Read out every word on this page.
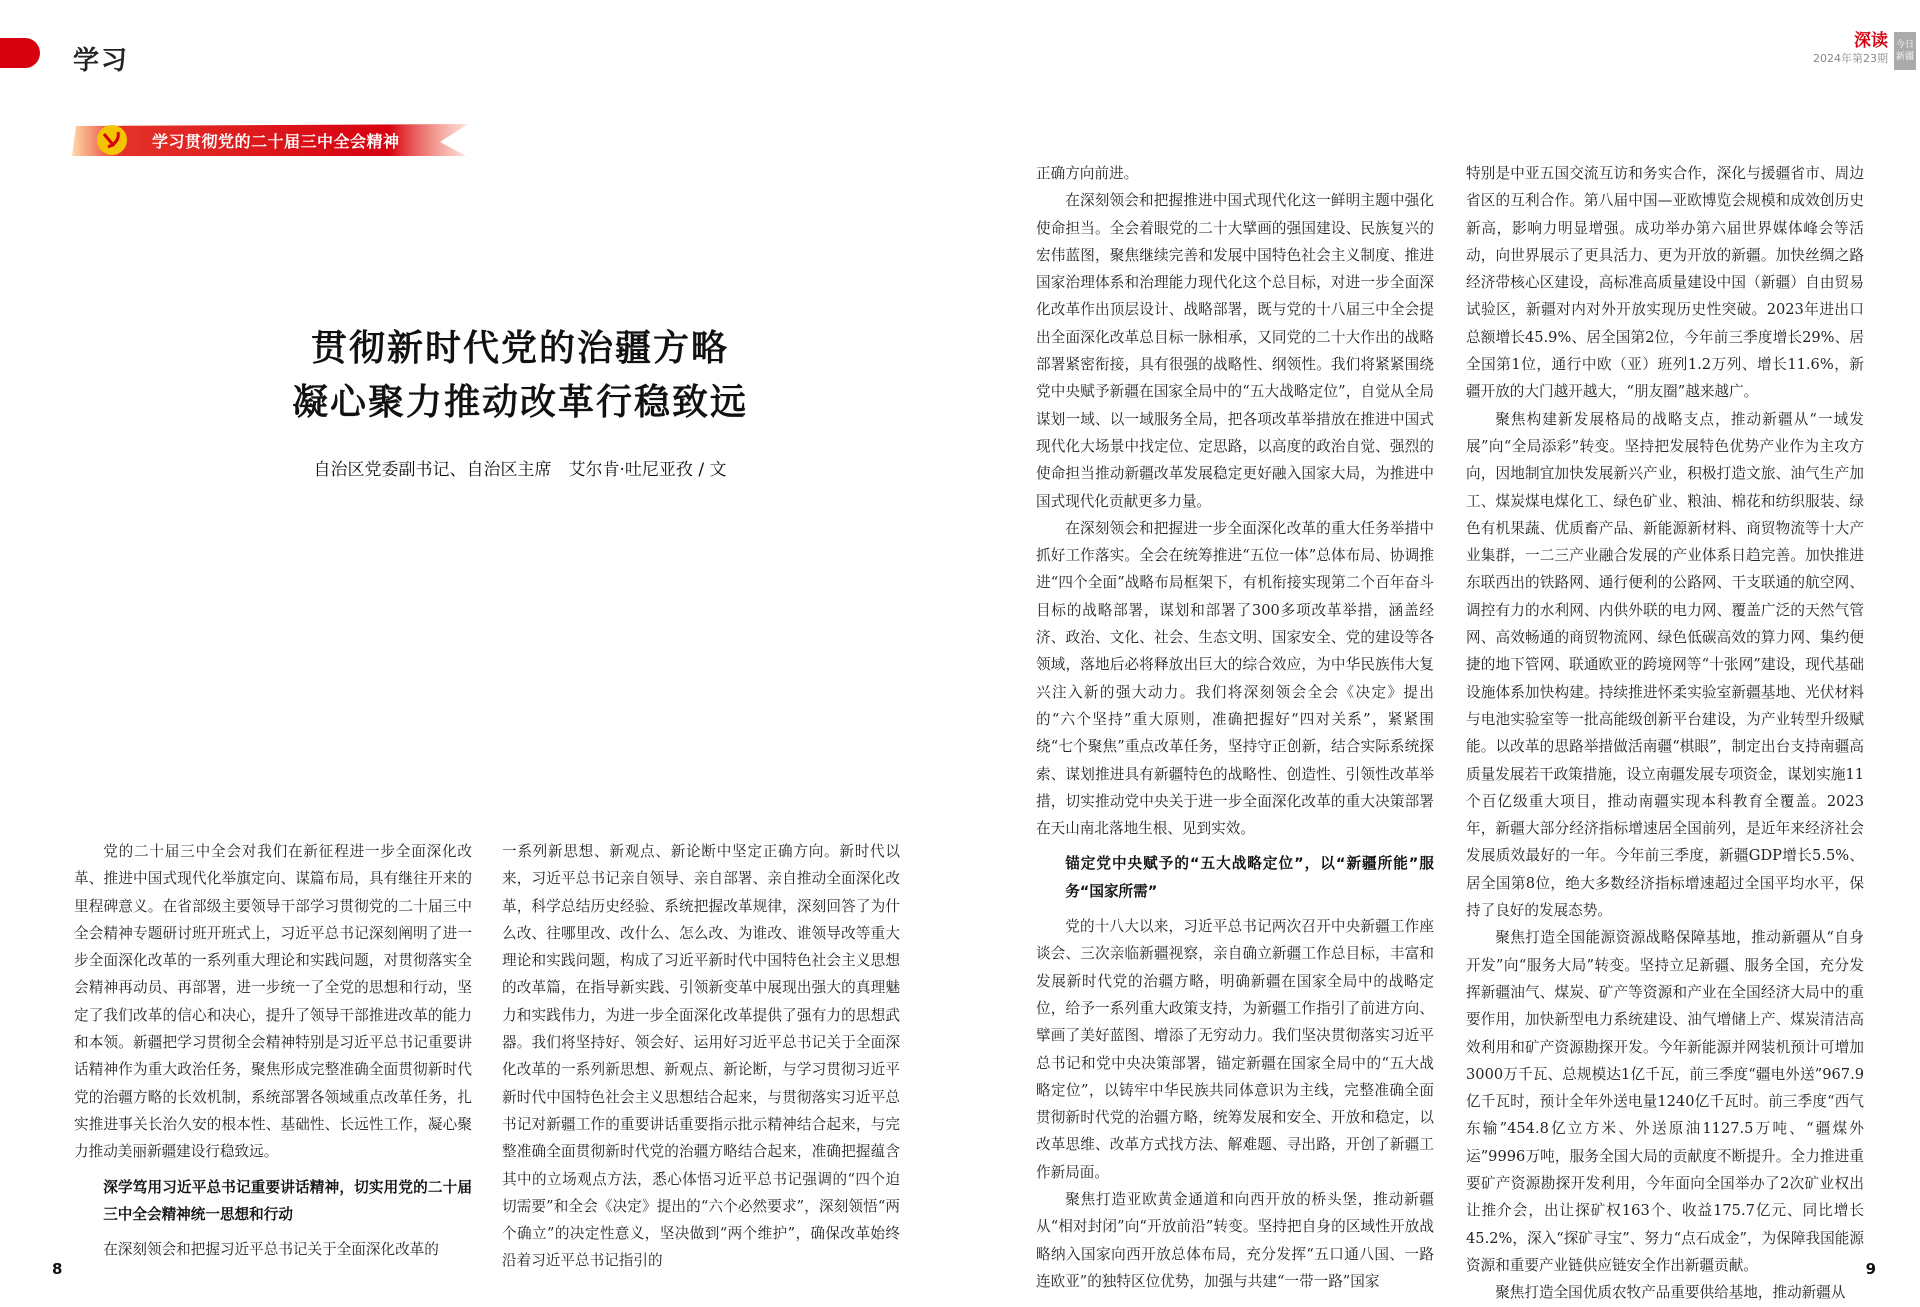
学习
深读
2024年第23期
今日
新疆
学习贯彻党的二十届三中全会精神
贯彻新时代党的治疆方略
凝心聚力推动改革行稳致远
自治区党委副书记、自治区主席　艾尔肯·吐尼亚孜 / 文

党的二十届三中全会对我们在新征程进一步全面深化改革、推进中国式现代化举旗定向、谋篇布局，具有继往开来的里程碑意义。在省部级主要领导干部学习贯彻党的二十届三中全会精神专题研讨班开班式上，习近平总书记深刻阐明了进一步全面深化改革的一系列重大理论和实践问题，对贯彻落实全会精神再动员、再部署，进一步统一了全党的思想和行动，坚定了我们改革的信心和决心，提升了领导干部推进改革的能力和本领。新疆把学习贯彻全会精神特别是习近平总书记重要讲话精神作为重大政治任务，聚焦形成完整准确全面贯彻新时代党的治疆方略的长效机制，系统部署各领域重点改革任务，扎实推进事关长治久安的根本性、基础性、长远性工作，凝心聚力推动美丽新疆建设行稳致远。

深学笃用习近平总书记重要讲话精神，切实用党的二十届三中全会精神统一思想和行动

在深刻领会和把握习近平总书记关于全面深化改革的

一系列新思想、新观点、新论断中坚定正确方向。新时代以来，习近平总书记亲自领导、亲自部署、亲自推动全面深化改革，科学总结历史经验、系统把握改革规律，深刻回答了为什么改、往哪里改、改什么、怎么改、为谁改、谁领导改等重大理论和实践问题，构成了习近平新时代中国特色社会主义思想的改革篇，在指导新实践、引领新变革中展现出强大的真理魅力和实践伟力，为进一步全面深化改革提供了强有力的思想武器。我们将坚持好、领会好、运用好习近平总书记关于全面深化改革的一系列新思想、新观点、新论断，与学习贯彻习近平新时代中国特色社会主义思想结合起来，与贯彻落实习近平总书记对新疆工作的重要讲话重要指示批示精神结合起来，与完整准确全面贯彻新时代党的治疆方略结合起来，准确把握蕴含其中的立场观点方法，悉心体悟习近平总书记强调的“四个迫切需要”和全会《决定》提出的“六个必然要求”，深刻领悟“两个确立”的决定性意义，坚决做到“两个维护”，确保改革始终沿着习近平总书记指引的

正确方向前进。

在深刻领会和把握推进中国式现代化这一鲜明主题中强化使命担当。全会着眼党的二十大擘画的强国建设、民族复兴的宏伟蓝图，聚焦继续完善和发展中国特色社会主义制度、推进国家治理体系和治理能力现代化这个总目标，对进一步全面深化改革作出顶层设计、战略部署，既与党的十八届三中全会提出全面深化改革总目标一脉相承，又同党的二十大作出的战略部署紧密衔接，具有很强的战略性、纲领性。我们将紧紧围绕党中央赋予新疆在国家全局中的“五大战略定位”，自觉从全局谋划一域、以一域服务全局，把各项改革举措放在推进中国式现代化大场景中找定位、定思路，以高度的政治自觉、强烈的使命担当推动新疆改革发展稳定更好融入国家大局，为推进中国式现代化贡献更多力量。

在深刻领会和把握进一步全面深化改革的重大任务举措中抓好工作落实。全会在统筹推进“五位一体”总体布局、协调推进“四个全面”战略布局框架下，有机衔接实现第二个百年奋斗目标的战略部署，谋划和部署了300多项改革举措，涵盖经济、政治、文化、社会、生态文明、国家安全、党的建设等各领域，落地后必将释放出巨大的综合效应，为中华民族伟大复兴注入新的强大动力。我们将深刻领会全会《决定》提出的“六个坚持”重大原则，准确把握好“四对关系”，紧紧围绕“七个聚焦”重点改革任务，坚持守正创新，结合实际系统探索、谋划推进具有新疆特色的战略性、创造性、引领性改革举措，切实推动党中央关于进一步全面深化改革的重大决策部署在天山南北落地生根、见到实效。

锚定党中央赋予的“五大战略定位”，以“新疆所能”服务“国家所需”

党的十八大以来，习近平总书记两次召开中央新疆工作座谈会、三次亲临新疆视察，亲自确立新疆工作总目标，丰富和发展新时代党的治疆方略，明确新疆在国家全局中的战略定位，给予一系列重大政策支持，为新疆工作指引了前进方向、擘画了美好蓝图、增添了无穷动力。我们坚决贯彻落实习近平总书记和党中央决策部署，锚定新疆在国家全局中的“五大战略定位”，以铸牢中华民族共同体意识为主线，完整准确全面贯彻新时代党的治疆方略，统筹发展和安全、开放和稳定，以改革思维、改革方式找方法、解难题、寻出路，开创了新疆工作新局面。

聚焦打造亚欧黄金通道和向西开放的桥头堡，推动新疆从“相对封闭”向“开放前沿”转变。坚持把自身的区域性开放战略纳入国家向西开放总体布局，充分发挥“五口通八国、一路连欧亚”的独特区位优势，加强与共建“一带一路”国家

特别是中亚五国交流互访和务实合作，深化与援疆省市、周边省区的互利合作。第八届中国—亚欧博览会规模和成效创历史新高，影响力明显增强。成功举办第六届世界媒体峰会等活动，向世界展示了更具活力、更为开放的新疆。加快丝绸之路经济带核心区建设，高标准高质量建设中国（新疆）自由贸易试验区，新疆对内对外开放实现历史性突破。2023年进出口总额增长45.9%、居全国第2位，今年前三季度增长29%、居全国第1位，通行中欧（亚）班列1.2万列、增长11.6%，新疆开放的大门越开越大，“朋友圈”越来越广。

聚焦构建新发展格局的战略支点，推动新疆从“一域发展”向“全局添彩”转变。坚持把发展特色优势产业作为主攻方向，因地制宜加快发展新兴产业，积极打造文旅、油气生产加工、煤炭煤电煤化工、绿色矿业、粮油、棉花和纺织服装、绿色有机果蔬、优质畜产品、新能源新材料、商贸物流等十大产业集群，一二三产业融合发展的产业体系日趋完善。加快推进东联西出的铁路网、通行便利的公路网、干支联通的航空网、调控有力的水利网、内供外联的电力网、覆盖广泛的天然气管网、高效畅通的商贸物流网、绿色低碳高效的算力网、集约便捷的地下管网、联通欧亚的跨境网等“十张网”建设，现代基础设施体系加快构建。持续推进怀柔实验室新疆基地、光伏材料与电池实验室等一批高能级创新平台建设，为产业转型升级赋能。以改革的思路举措做活南疆“棋眼”，制定出台支持南疆高质量发展若干政策措施，设立南疆发展专项资金，谋划实施11个百亿级重大项目，推动南疆实现本科教育全覆盖。2023年，新疆大部分经济指标增速居全国前列，是近年来经济社会发展质效最好的一年。今年前三季度，新疆GDP增长5.5%、居全国第8位，绝大多数经济指标增速超过全国平均水平，保持了良好的发展态势。

聚焦打造全国能源资源战略保障基地，推动新疆从“自身开发”向“服务大局”转变。坚持立足新疆、服务全国，充分发挥新疆油气、煤炭、矿产等资源和产业在全国经济大局中的重要作用，加快新型电力系统建设、油气增储上产、煤炭清洁高效利用和矿产资源勘探开发。今年新能源并网装机预计可增加3000万千瓦、总规模达1亿千瓦，前三季度“疆电外送”967.9亿千瓦时，预计全年外送电量1240亿千瓦时。前三季度“西气东输”454.8亿立方米、外送原油1127.5万吨、“疆煤外运”9996万吨，服务全国大局的贡献度不断提升。全力推进重要矿产资源勘探开发利用，今年面向全国举办了2次矿业权出让推介会，出让探矿权163个、收益175.7亿元、同比增长45.2%，深入“探矿寻宝”、努力“点石成金”，为保障我国能源资源和重要产业链供应链安全作出新疆贡献。

聚焦打造全国优质农牧产品重要供给基地，推动新疆从

8	9
